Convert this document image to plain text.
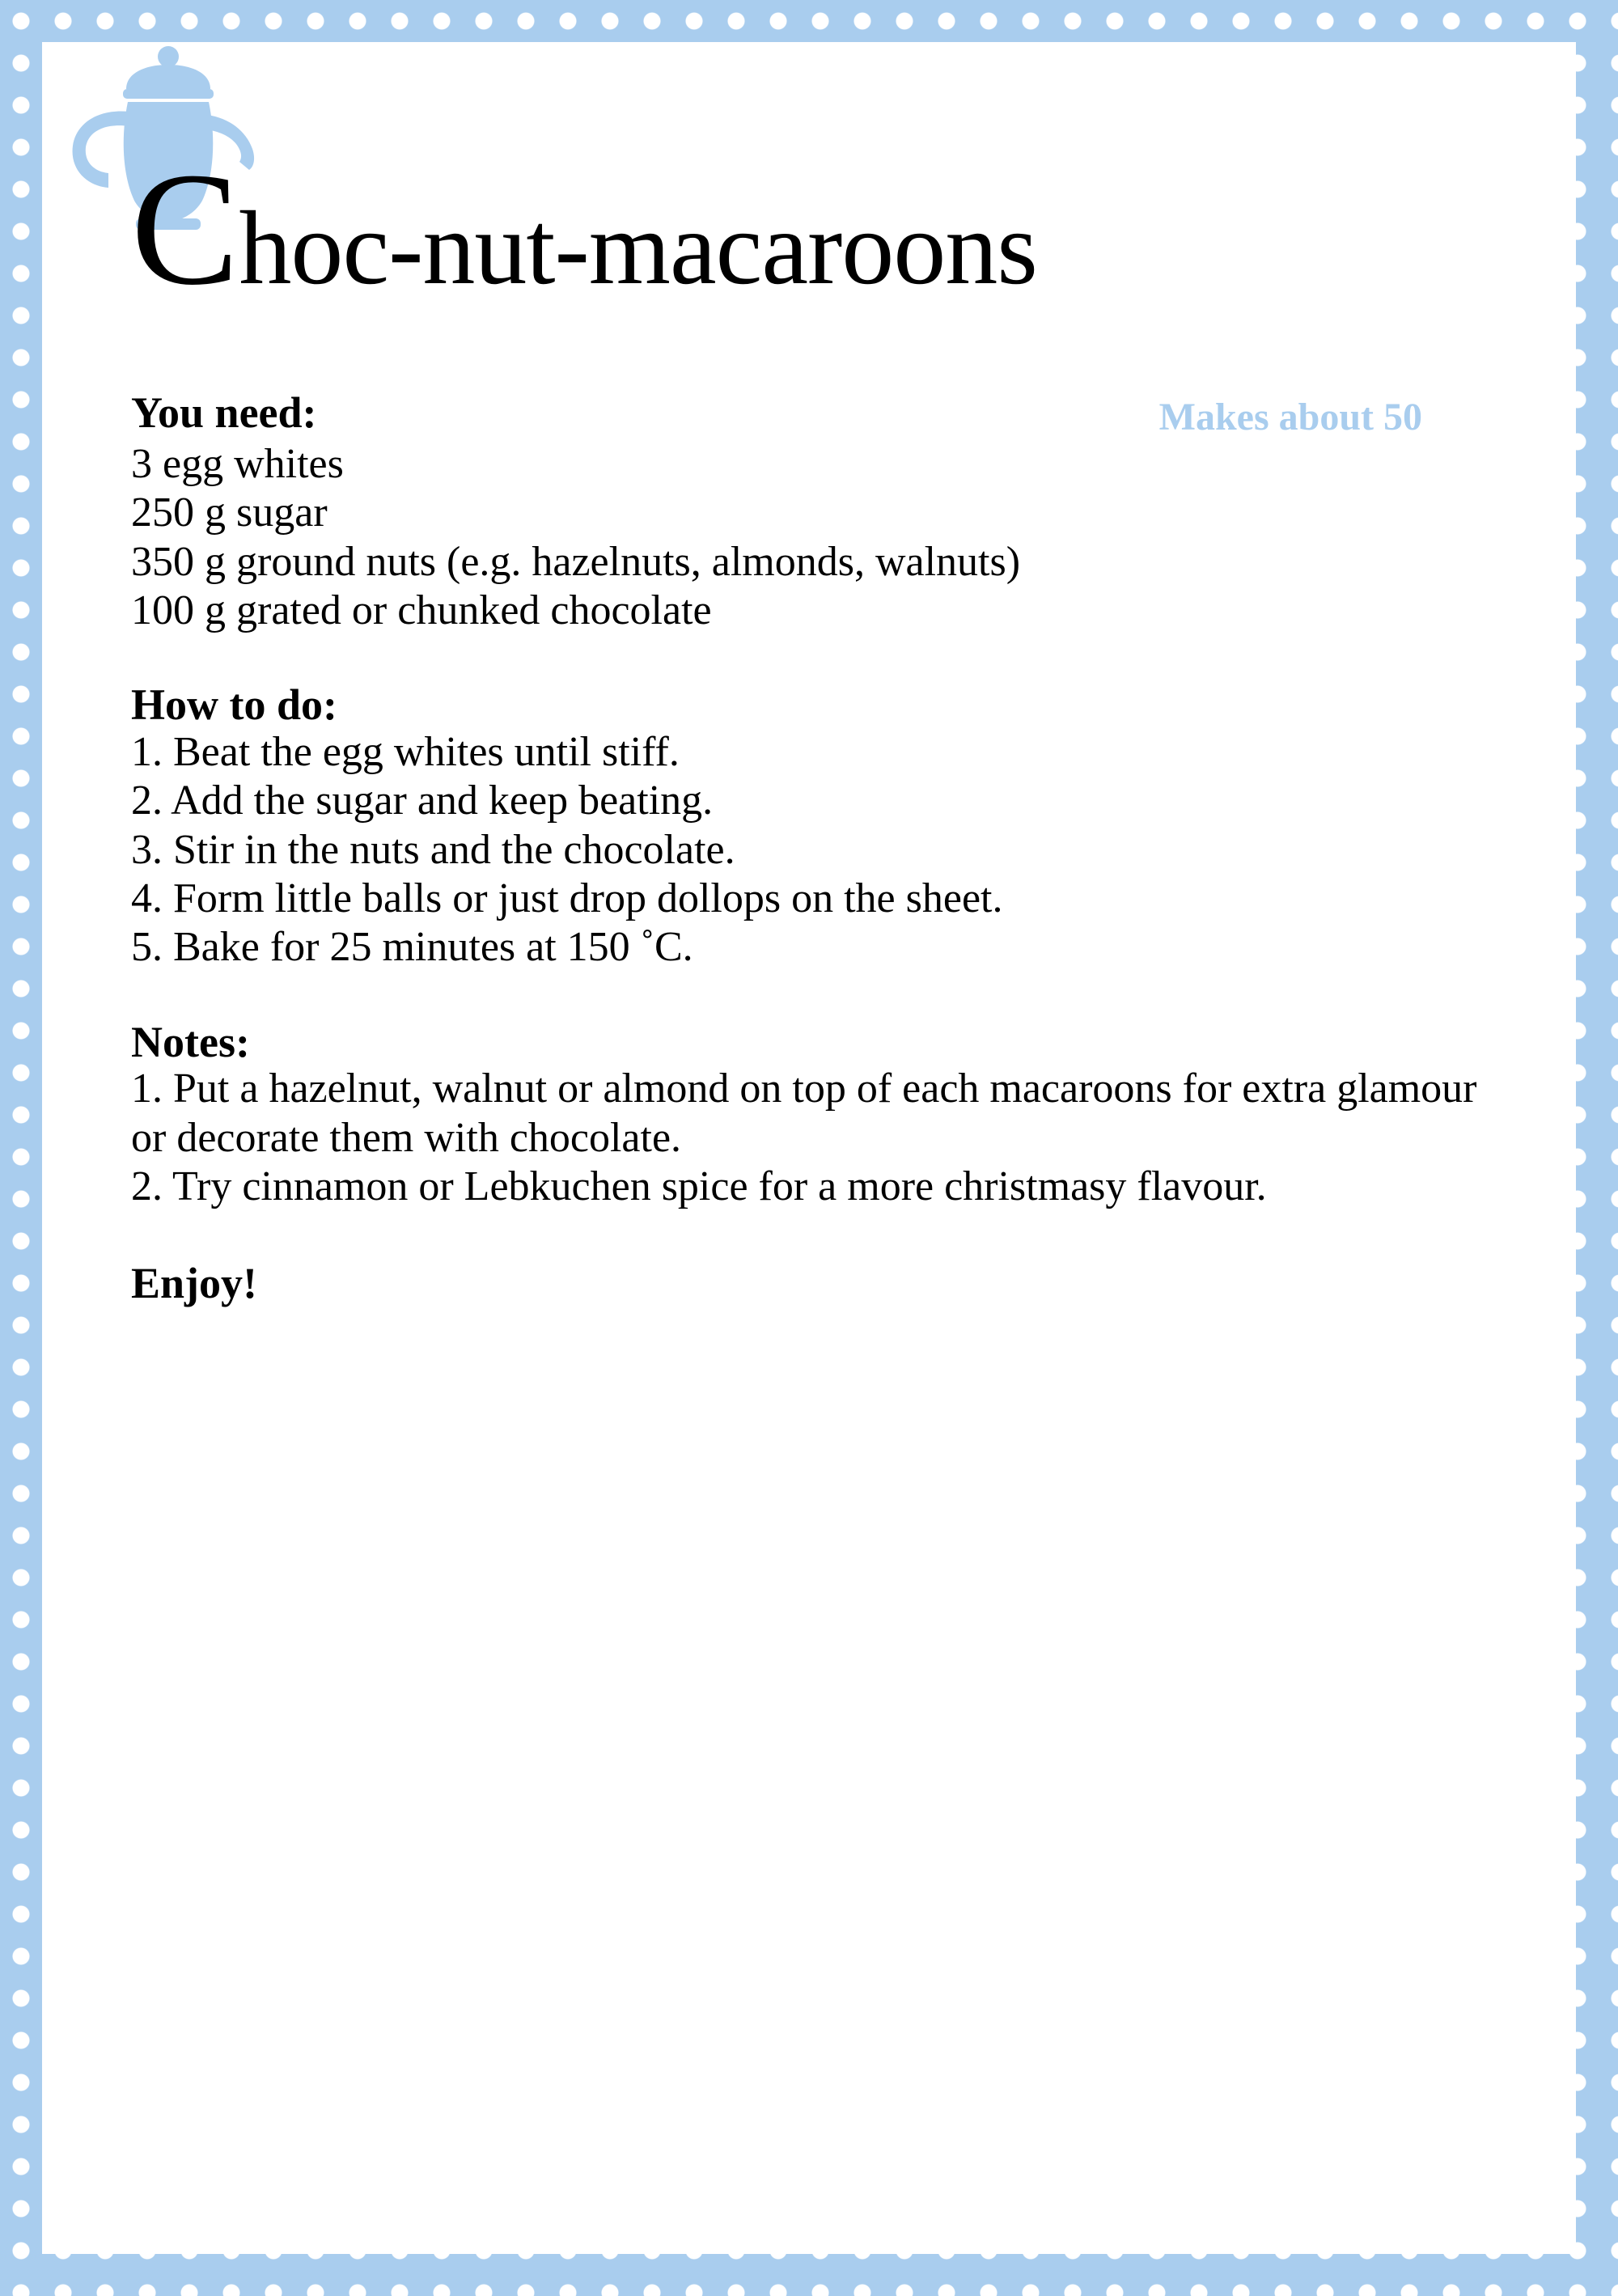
C hoc-nut-macaroons
You need:	Makes about 50

3 egg whites

250 g sugar

350 g ground nuts (e.g. hazelnuts, almonds, walnuts)

100 g grated or chunked chocolate

How to do:

1. Beat the egg whites until stiff.

2. Add the sugar and keep beating.

3. Stir in the nuts and the chocolate.

4. Form little balls or just drop dollops on the sheet.

5. Bake for 25 minutes at 150 ˚C.

Notes:

1. Put a hazelnut, walnut or almond on top of each macaroons for extra glamour or decorate them with chocolate.

2. Try cinnamon or Lebkuchen spice for a more christmasy flavour.

Enjoy!
